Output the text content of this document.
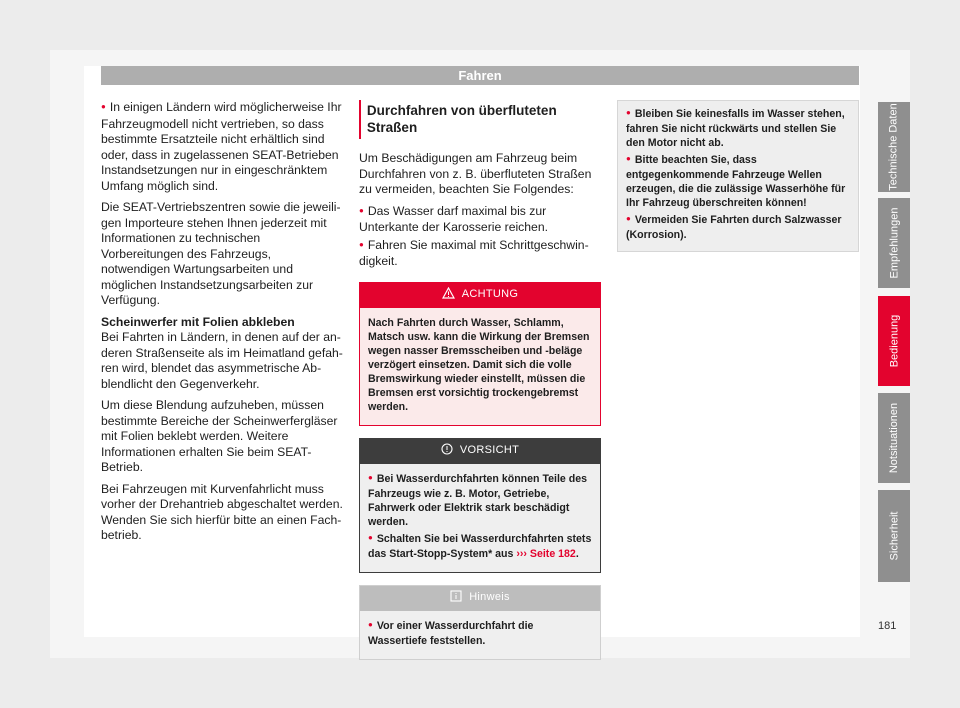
Fahren

● In einigen Ländern wird möglicherweise Ihr Fahrzeugmodell nicht vertrieben, so dass bestimmte Ersatzteile nicht erhältlich sind oder, dass in zugelassenen SEAT-Betrieben Instandsetzungen nur in eingeschränktem Umfang möglich sind.

Die SEAT-Vertriebszentren sowie die jeweiligen Importeure stehen Ihnen jederzeit mit Informationen zu technischen Vorbereitungen des Fahrzeugs, notwendigen Wartungsarbeiten und möglichen Instandsetzungsarbeiten zur Verfügung.

Scheinwerfer mit Folien abkleben

Bei Fahrten in Ländern, in denen auf der anderen Straßenseite als im Heimatland gefahren wird, blendet das asymmetrische Abblendlicht den Gegenverkehr.

Um diese Blendung aufzuheben, müssen bestimmte Bereiche der Scheinwerfergläser mit Folien beklebt werden. Weitere Informationen erhalten Sie beim SEAT-Betrieb.

Bei Fahrzeugen mit Kurvenfahrlicht muss vorher der Drehantrieb abgeschaltet werden. Wenden Sie sich hierfür bitte an einen Fachbetrieb.

Durchfahren von überfluteten Straßen

Um Beschädigungen am Fahrzeug beim Durchfahren von z. B. überfluteten Straßen zu vermeiden, beachten Sie Folgendes:

● Das Wasser darf maximal bis zur Unterkante der Karosserie reichen.

● Fahren Sie maximal mit Schrittgeschwindigkeit.

ACHTUNG

Nach Fahrten durch Wasser, Schlamm, Matsch usw. kann die Wirkung der Bremsen wegen nasser Bremsscheiben und -beläge verzögert einsetzen. Damit sich die volle Bremswirkung wieder einstellt, müssen die Bremsen erst vorsichtig trockengebremst werden.

VORSICHT

● Bei Wasserdurchfahrten können Teile des Fahrzeugs wie z. B. Motor, Getriebe, Fahrwerk oder Elektrik stark beschädigt werden.

● Schalten Sie bei Wasserdurchfahrten stets das Start-Stopp-System* aus ››› Seite 182.

Hinweis

● Vor einer Wasserdurchfahrt die Wassertiefe feststellen.

● Bleiben Sie keinesfalls im Wasser stehen, fahren Sie nicht rückwärts und stellen Sie den Motor nicht ab.

● Bitte beachten Sie, dass entgegenkommende Fahrzeuge Wellen erzeugen, die die zulässige Wasserhöhe für Ihr Fahrzeug überschreiten können!

● Vermeiden Sie Fahrten durch Salzwasser (Korrosion).

Technische Daten
Empfehlungen
Bedienung
Notsituationen
Sicherheit
181
